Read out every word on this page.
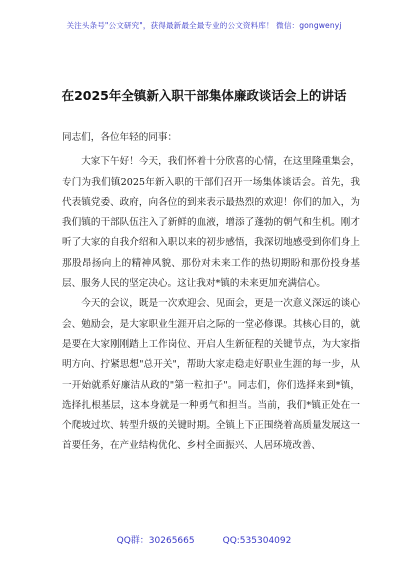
关注头条号"公文研究"，获得最新最全最专业的公文资料库！ 微信：gongwenyj
在2025年全镇新入职干部集体廉政谈话会上的讲话

同志们，各位年轻的同事：

大家下午好！今天，我们怀着十分欣喜的心情，在这里隆重集会，专门为我们镇2025年新入职的干部们召开一场集体谈话会。首先，我代表镇党委、政府，向各位的到来表示最热烈的欢迎！你们的加入，为我们镇的干部队伍注入了新鲜的血液，增添了蓬勃的朝气和生机。刚才听了大家的自我介绍和入职以来的初步感悟，我深切地感受到你们身上那股昂扬向上的精神风貌、那份对未来工作的热切期盼和那份投身基层、服务人民的坚定决心。这让我对*镇的未来更加充满信心。

今天的会议，既是一次欢迎会、见面会，更是一次意义深远的谈心会、勉励会，是大家职业生涯开启之际的一堂必修课。其核心目的，就是要在大家刚刚踏上工作岗位、开启人生新征程的关键节点，为大家指明方向、拧紧思想"总开关"，帮助大家走稳走好职业生涯的每一步，从一开始就系好廉洁从政的"第一粒扣子"。同志们，你们选择来到*镇，选择扎根基层，这本身就是一种勇气和担当。当前，我们*镇正处在一个爬坡过坎、转型升级的关键时期。全镇上下正围绕着高质量发展这一首要任务，在产业结构优化、乡村全面振兴、人居环境改善、

QQ群：30265665	QQ:535304092
